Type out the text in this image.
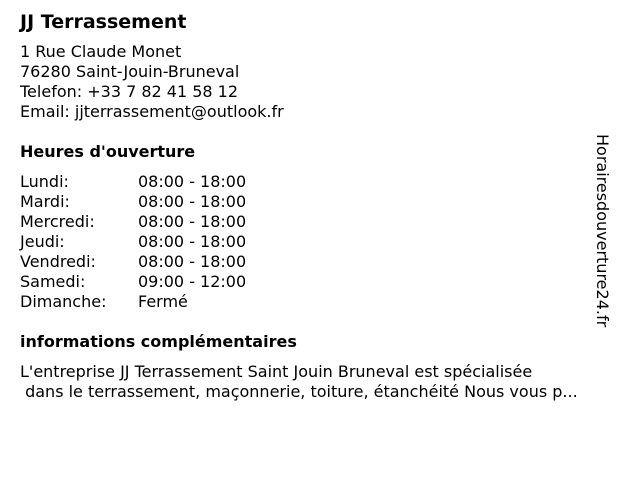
JJ Terrassement
1 Rue Claude Monet
76280 Saint-Jouin-Bruneval
Telefon: +33 7 82 41 58 12
Email: jjterrassement@outlook.fr
Heures d'ouverture
Lundi:	08:00 - 18:00
Mardi:	08:00 - 18:00
Mercredi:	08:00 - 18:00
Jeudi:	08:00 - 18:00
Vendredi:	08:00 - 18:00
Samedi:	09:00 - 12:00
Dimanche:	Fermé
informations complémentaires
L'entreprise JJ Terrassement Saint Jouin Bruneval est spécialisée
dans le terrassement, maçonnerie, toiture, étanchéité Nous vous p...
Horairesdouverture24.fr
